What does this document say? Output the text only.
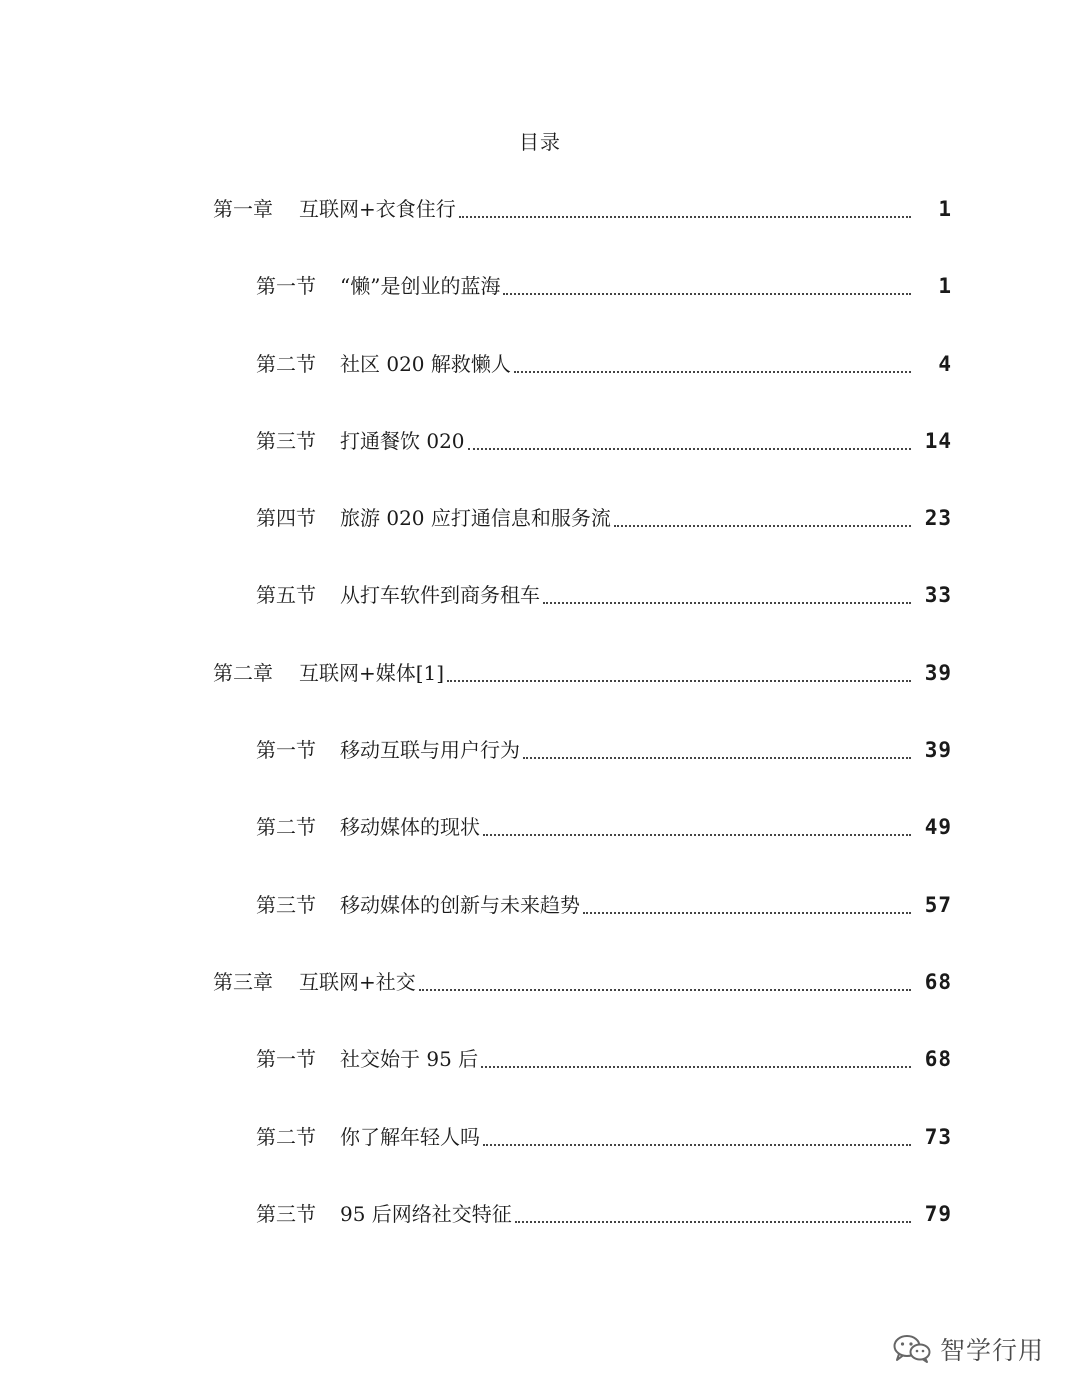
目录
第一章	互联网+衣食住行	1
第一节	“懒”是创业的蓝海	1
第二节	社区 020 解救懒人	4
第三节	打通餐饮 020	14
第四节	旅游 020 应打通信息和服务流	23
第五节	从打车软件到商务租车	33
第二章	互联网+媒体[1]	39
第一节	移动互联与用户行为	39
第二节	移动媒体的现状	49
第三节	移动媒体的创新与未来趋势	57
第三章	互联网+社交	68
第一节	社交始于 95 后	68
第二节	你了解年轻人吗	73
第三节	95 后网络社交特征	79
智学行用
